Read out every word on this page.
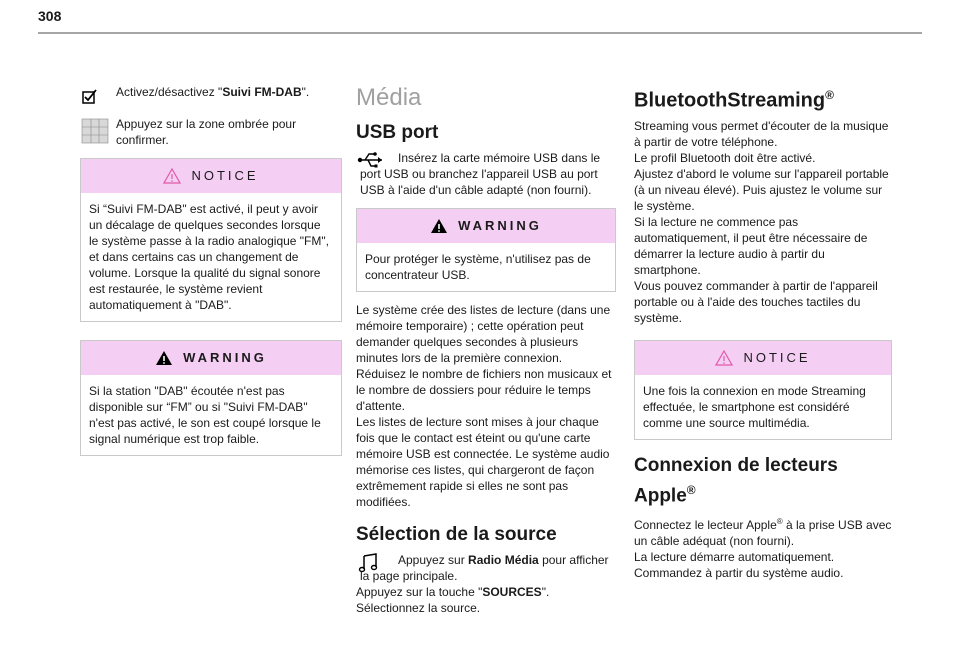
308
Activez/désactivez "Suivi FM-DAB".
Appuyez sur la zone ombrée pour confirmer.
NOTICE
Si “Suivi FM-DAB" est activé, il peut y avoir un décalage de quelques secondes lorsque le système passe à la radio analogique "FM", et dans certains cas un changement de volume. Lorsque la qualité du signal sonore est restaurée, le système revient automatiquement à "DAB".
WARNING
Si la station "DAB" écoutée n'est pas disponible sur “FM” ou si "Suivi FM-DAB" n'est pas activé, le son est coupé lorsque le signal numérique est trop faible.
Média
USB port
Insérez la carte mémoire USB dans le port USB ou branchez l'appareil USB au port USB à l'aide d'un câble adapté (non fourni).
WARNING
Pour protéger le système, n'utilisez pas de concentrateur USB.
Le système crée des listes de lecture (dans une mémoire temporaire) ; cette opération peut demander quelques secondes à plusieurs minutes lors de la première connexion.
Réduisez le nombre de fichiers non musicaux et le nombre de dossiers pour réduire le temps d'attente.
Les listes de lecture sont mises à jour chaque fois que le contact est éteint ou qu'une carte mémoire USB est connectée. Le système audio mémorise ces listes, qui chargeront de façon extrêmement rapide si elles ne sont pas modifiées.
Sélection de la source
Appuyez sur Radio Média pour afficher la page principale.
Appuyez sur la touche "SOURCES".
Sélectionnez la source.
BluetoothStreaming®
Streaming vous permet d'écouter de la musique à partir de votre téléphone.
Le profil Bluetooth doit être activé.
Ajustez d'abord le volume sur l'appareil portable (à un niveau élevé). Puis ajustez le volume sur le système.
Si la lecture ne commence pas automatiquement, il peut être nécessaire de démarrer la lecture audio à partir du smartphone.
Vous pouvez commander à partir de l'appareil portable ou à l'aide des touches tactiles du système.
NOTICE
Une fois la connexion en mode Streaming effectuée, le smartphone est considéré comme une source multimédia.
Connexion de lecteurs
Apple®
Connectez le lecteur Apple® à la prise USB avec un câble adéquat (non fourni).
La lecture démarre automatiquement.
Commandez à partir du système audio.
